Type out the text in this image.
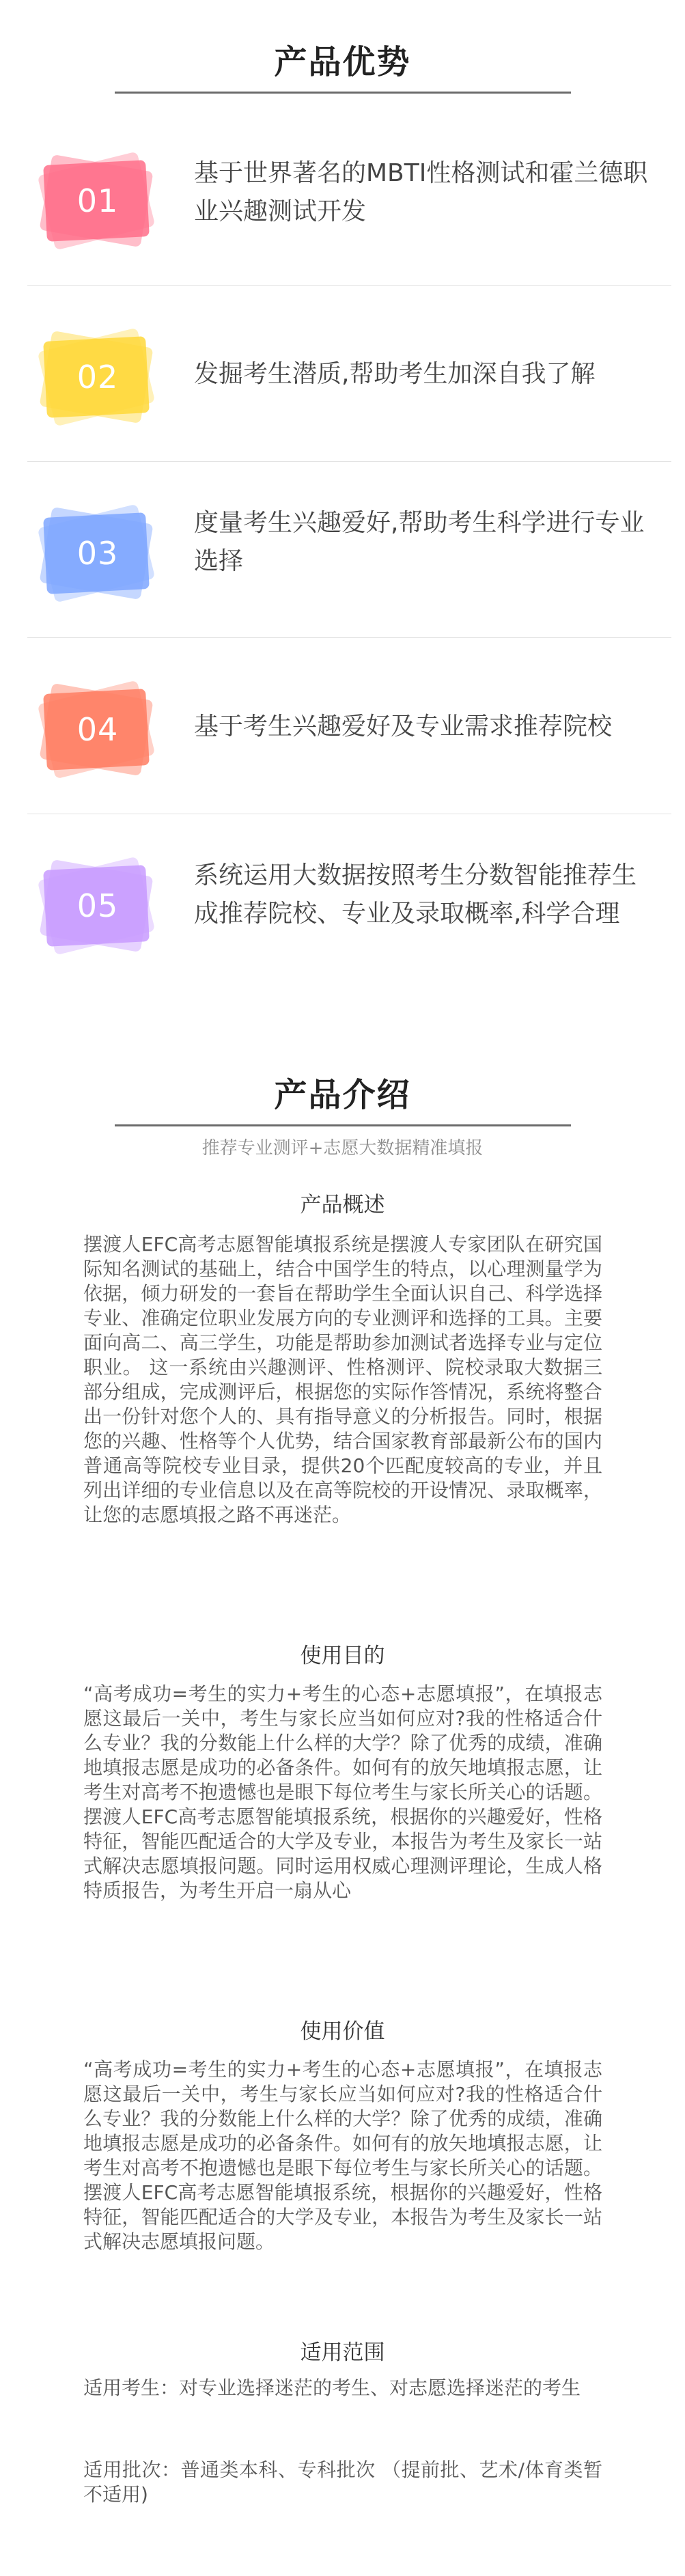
产品优势
01
基于世界著名的MBTI性格测试和霍兰德职业兴趣测试开发
02	发掘考生潜质,帮助考生加深自我了解
03
度量考生兴趣爱好,帮助考生科学进行专业选择
04	基于考生兴趣爱好及专业需求推荐院校
05
系统运用大数据按照考生分数智能推荐生成推荐院校、专业及录取概率,科学合理
产品介绍
推荐专业测评+志愿大数据精准填报
产品概述
摆渡人EFC高考志愿智能填报系统是摆渡人专家团队在研究国际知名测试的基础上，结合中国学生的特点，以心理测量学为依据，倾力研发的一套旨在帮助学生全面认识自己、科学选择专业、准确定位职业发展方向的专业测评和选择的工具。主要面向高二、高三学生，功能是帮助参加测试者选择专业与定位职业。 这一系统由兴趣测评、性格测评、院校录取大数据三部分组成，完成测评后，根据您的实际作答情况，系统将整合出一份针对您个人的、具有指导意义的分析报告。同时，根据您的兴趣、性格等个人优势，结合国家教育部最新公布的国内普通高等院校专业目录，提供20个匹配度较高的专业，并且列出详细的专业信息以及在高等院校的开设情况、录取概率，让您的志愿填报之路不再迷茫。
使用目的
“高考成功=考生的实力+考生的心态+志愿填报”，在填报志愿这最后一关中，考生与家长应当如何应对?我的性格适合什么专业？我的分数能上什么样的大学？除了优秀的成绩，准确地填报志愿是成功的必备条件。如何有的放矢地填报志愿，让考生对高考不抱遗憾也是眼下每位考生与家长所关心的话题。摆渡人EFC高考志愿智能填报系统，根据你的兴趣爱好，性格特征，智能匹配适合的大学及专业，本报告为考生及家长一站式解决志愿填报问题。同时运用权威心理测评理论，生成人格特质报告，为考生开启一扇从心
使用价值
“高考成功=考生的实力+考生的心态+志愿填报”，在填报志愿这最后一关中，考生与家长应当如何应对?我的性格适合什么专业？我的分数能上什么样的大学？除了优秀的成绩，准确地填报志愿是成功的必备条件。如何有的放矢地填报志愿，让考生对高考不抱遗憾也是眼下每位考生与家长所关心的话题。摆渡人EFC高考志愿智能填报系统，根据你的兴趣爱好，性格特征，智能匹配适合的大学及专业，本报告为考生及家长一站式解决志愿填报问题。
适用范围
适用考生：对专业选择迷茫的考生、对志愿选择迷茫的考生
适用批次：普通类本科、专科批次 （提前批、艺术/体育类暂不适用)
